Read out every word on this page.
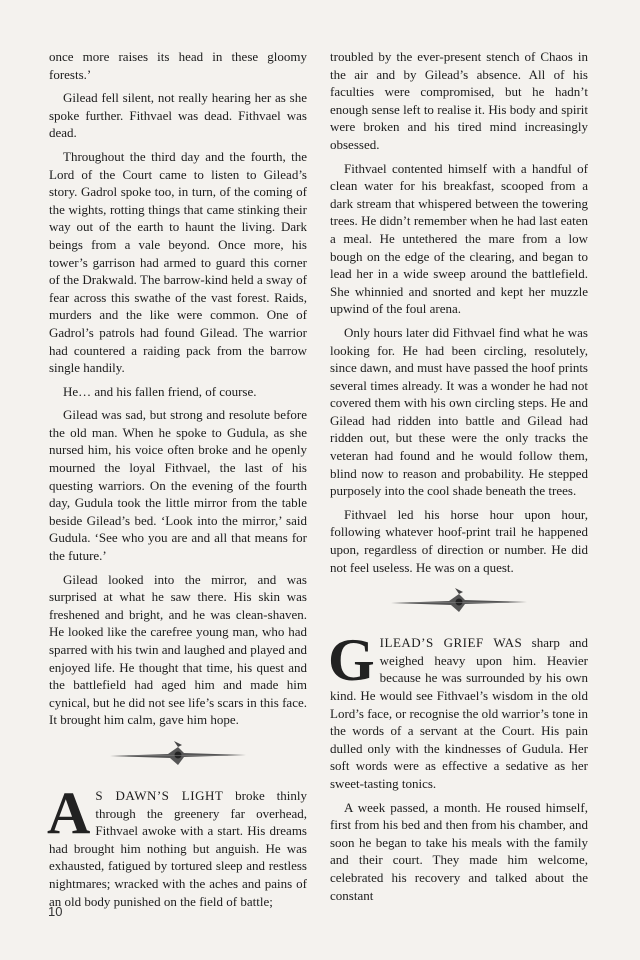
once more raises its head in these gloomy forests.’

Gilead fell silent, not really hearing her as she spoke further. Fithvael was dead. Fithvael was dead.

Throughout the third day and the fourth, the Lord of the Court came to listen to Gilead’s story. Gadrol spoke too, in turn, of the coming of the wights, rotting things that came stinking their way out of the earth to haunt the living. Dark beings from a vale beyond. Once more, his tower’s garrison had armed to guard this corner of the Drakwald. The barrow-kind held a sway of fear across this swathe of the vast forest. Raids, murders and the like were common. One of Gadrol’s patrols had found Gilead. The warrior had countered a raiding pack from the barrow single handily.

He… and his fallen friend, of course.

Gilead was sad, but strong and resolute before the old man. When he spoke to Gudula, as she nursed him, his voice often broke and he openly mourned the loyal Fithvael, the last of his questing warriors. On the evening of the fourth day, Gudula took the little mirror from the table beside Gilead’s bed. ‘Look into the mirror,’ said Gudula. ‘See who you are and all that means for the future.’

Gilead looked into the mirror, and was surprised at what he saw there. His skin was freshened and bright, and he was clean-shaven. He looked like the carefree young man, who had sparred with his twin and laughed and played and enjoyed life. He thought that time, his quest and the battlefield had aged him and made him cynical, but he did not see life’s scars in this face. It brought him calm, gave him hope.

A S DAWN’S LIGHT broke thinly through the greenery far overhead, Fithvael awoke with a start. His dreams had brought him nothing but anguish. He was exhausted, fatigued by tortured sleep and restless nightmares; wracked with the aches and pains of an old body punished on the field of battle;

troubled by the ever-present stench of Chaos in the air and by Gilead’s absence. All of his faculties were compromised, but he hadn’t enough sense left to realise it. His body and spirit were broken and his tired mind increasingly obsessed.

Fithvael contented himself with a handful of clean water for his breakfast, scooped from a dark stream that whispered between the towering trees. He didn’t remember when he had last eaten a meal. He untethered the mare from a low bough on the edge of the clearing, and began to lead her in a wide sweep around the battlefield. She whinnied and snorted and kept her muzzle upwind of the foul arena.

Only hours later did Fithvael find what he was looking for. He had been circling, resolutely, since dawn, and must have passed the hoof prints several times already. It was a wonder he had not covered them with his own circling steps. He and Gilead had ridden into battle and Gilead had ridden out, but these were the only tracks the veteran had found and he would follow them, blind now to reason and probability. He stepped purposely into the cool shade beneath the trees.

Fithvael led his horse hour upon hour, following whatever hoof-print trail he happened upon, regardless of direction or number. He did not feel useless. He was on a quest.

GILEAD’S GRIEF WAS sharp and weighed heavy upon him. Heavier because he was surrounded by his own kind. He would see Fithvael’s wisdom in the old Lord’s face, or recognise the old warrior’s tone in the words of a servant at the Court. His pain dulled only with the kindnesses of Gudula. Her soft words were as effective a sedative as her sweet-tasting tonics.

A week passed, a month. He roused himself, first from his bed and then from his chamber, and soon he began to take his meals with the family and their court. They made him welcome, celebrated his recovery and talked about the constant

10
